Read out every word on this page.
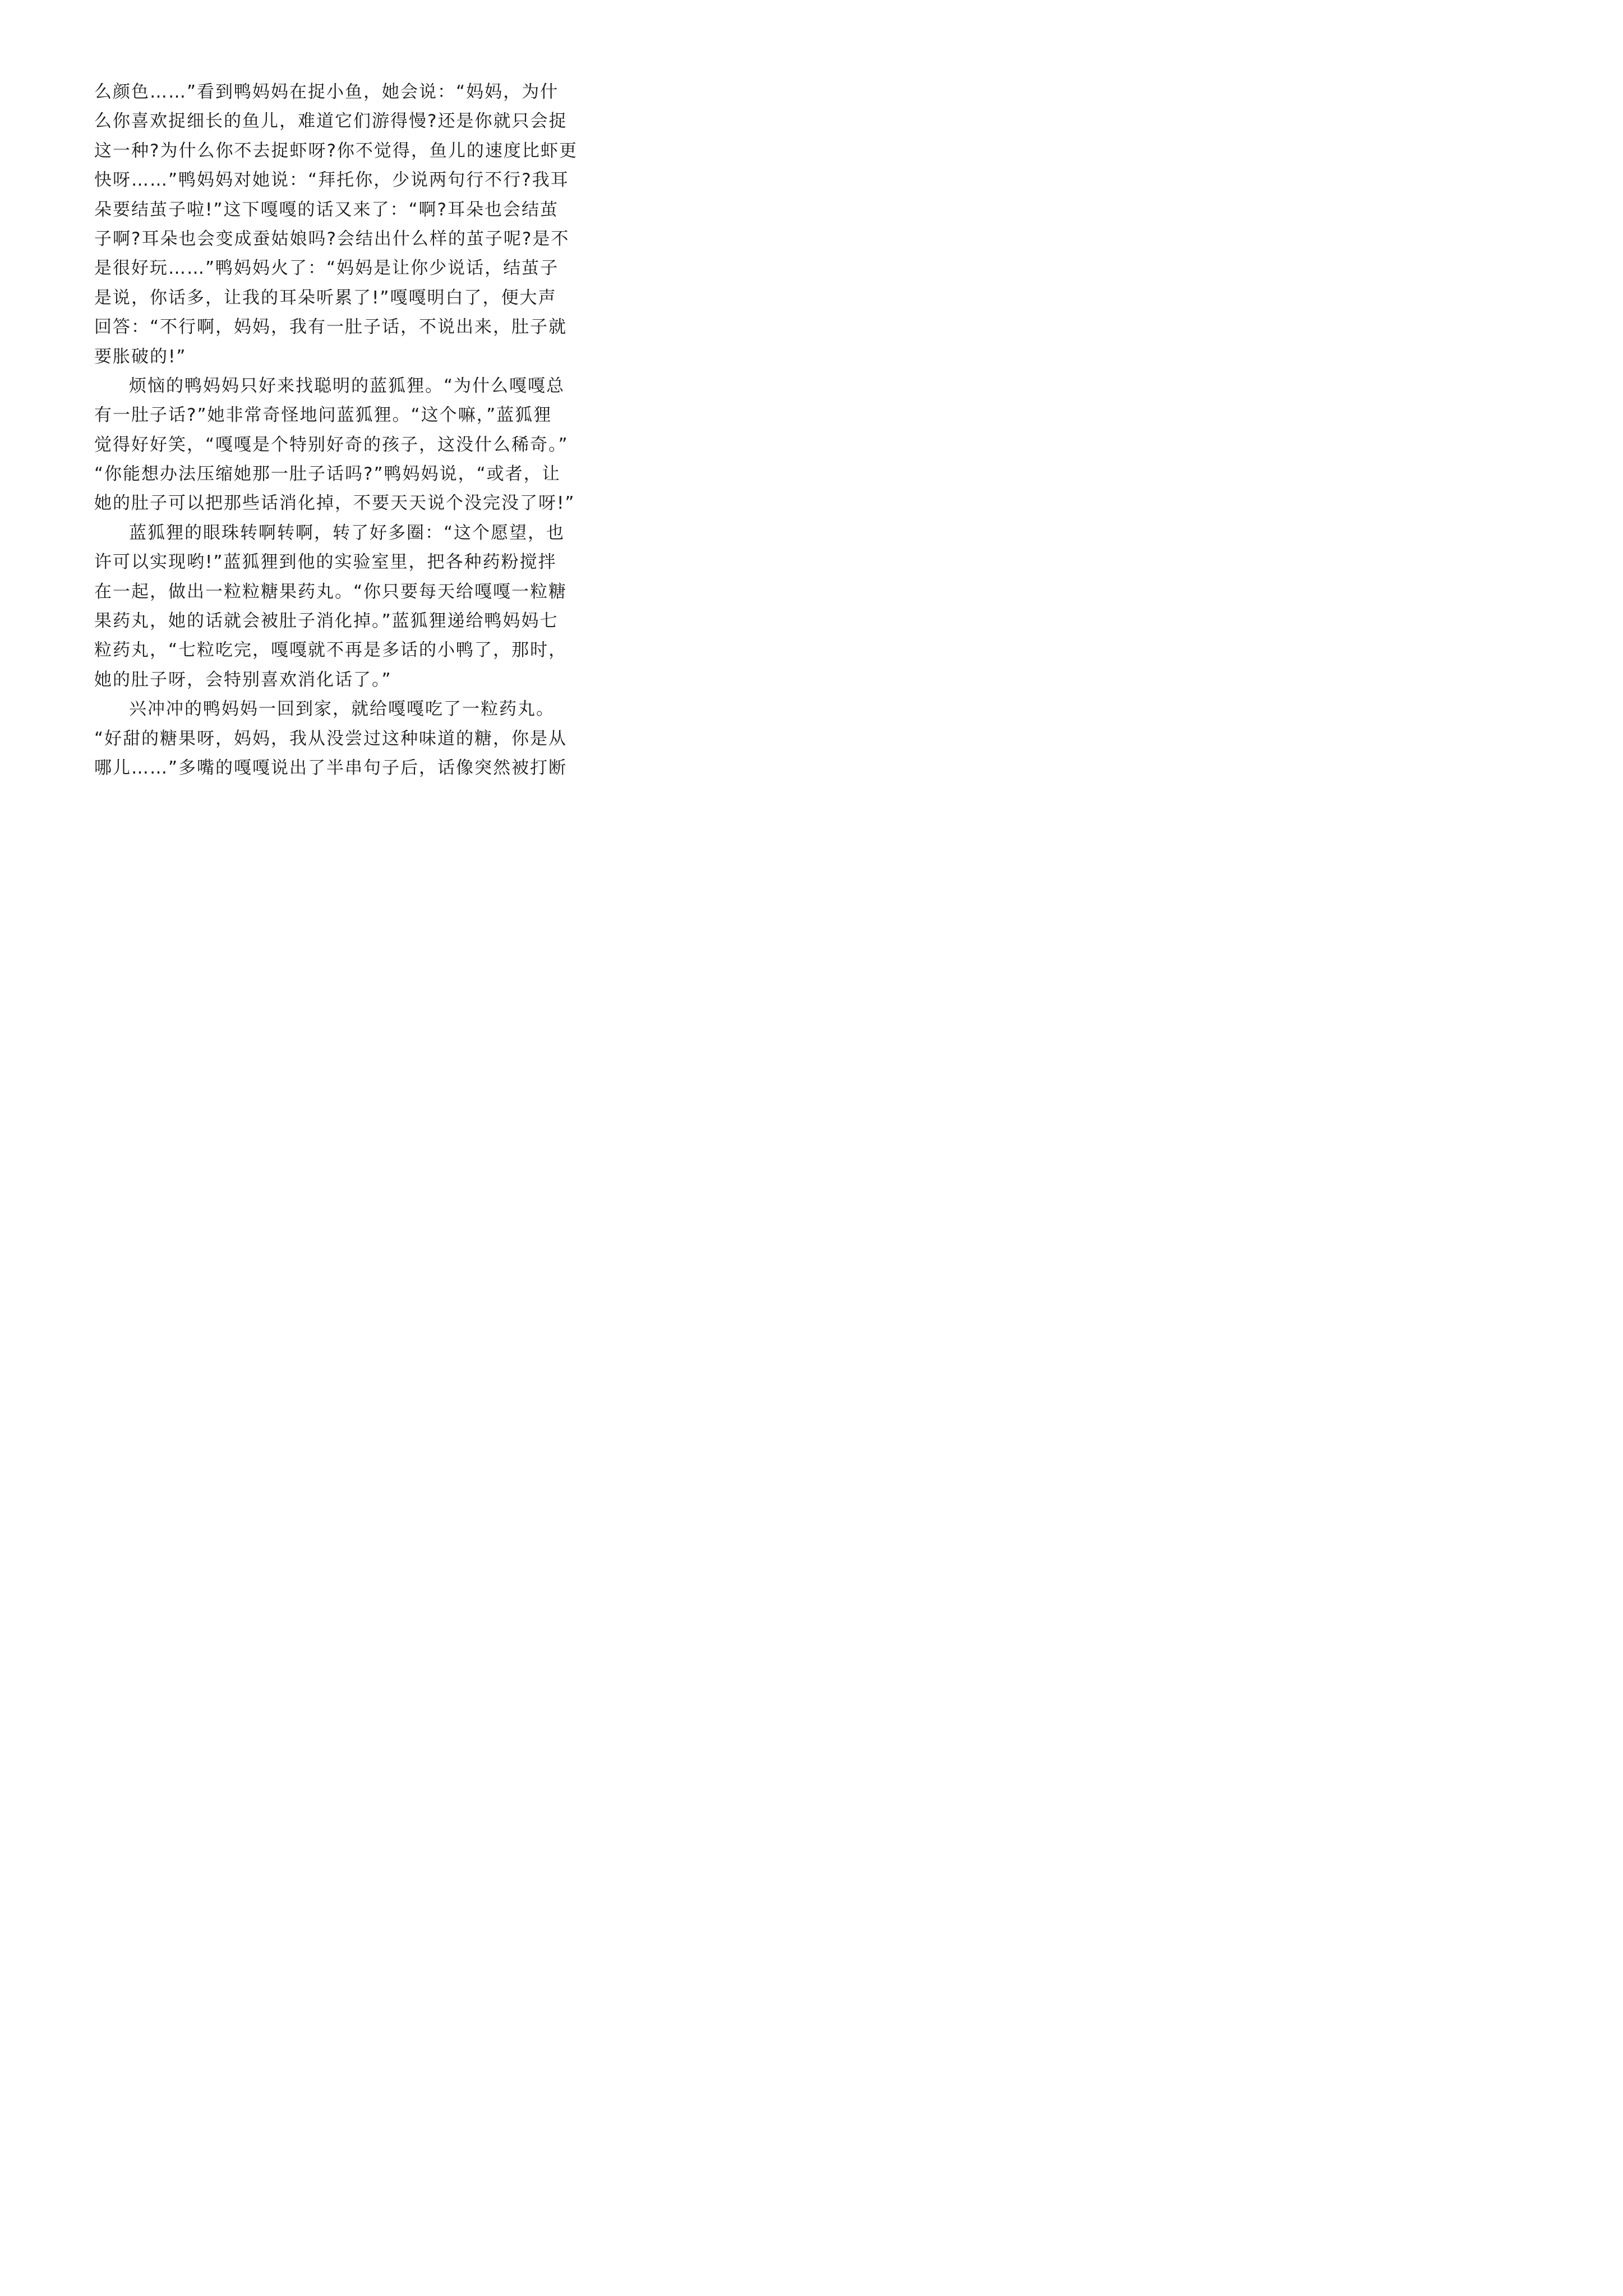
么颜色……”看到鸭妈妈在捉小鱼，她会说：“妈妈，为什
么你喜欢捉细长的鱼儿，难道它们游得慢?还是你就只会捉
这一种?为什么你不去捉虾呀?你不觉得，鱼儿的速度比虾更
快呀……”鸭妈妈对她说：“拜托你，少说两句行不行?我耳
朵要结茧子啦!”这下嘎嘎的话又来了：“啊?耳朵也会结茧
子啊?耳朵也会变成蚕姑娘吗?会结出什么样的茧子呢?是不
是很好玩……”鸭妈妈火了：“妈妈是让你少说话，结茧子
是说，你话多，让我的耳朵听累了!”嘎嘎明白了，便大声
回答：“不行啊，妈妈，我有一肚子话，不说出来，肚子就
要胀破的!”
烦恼的鸭妈妈只好来找聪明的蓝狐狸。“为什么嘎嘎总
有一肚子话?”她非常奇怪地问蓝狐狸。“这个嘛，”蓝狐狸
觉得好好笑，“嘎嘎是个特别好奇的孩子，这没什么稀奇。”
“你能想办法压缩她那一肚子话吗?”鸭妈妈说，“或者，让
她的肚子可以把那些话消化掉，不要天天说个没完没了呀!”
蓝狐狸的眼珠转啊转啊，转了好多圈：“这个愿望，也
许可以实现哟!”蓝狐狸到他的实验室里，把各种药粉搅拌
在一起，做出一粒粒糖果药丸。“你只要每天给嘎嘎一粒糖
果药丸，她的话就会被肚子消化掉。”蓝狐狸递给鸭妈妈七
粒药丸，“七粒吃完，嘎嘎就不再是多话的小鸭了，那时，
她的肚子呀，会特别喜欢消化话了。”
兴冲冲的鸭妈妈一回到家，就给嘎嘎吃了一粒药丸。
“好甜的糖果呀，妈妈，我从没尝过这种味道的糖，你是从
哪儿……”多嘴的嘎嘎说出了半串句子后，话像突然被打断
